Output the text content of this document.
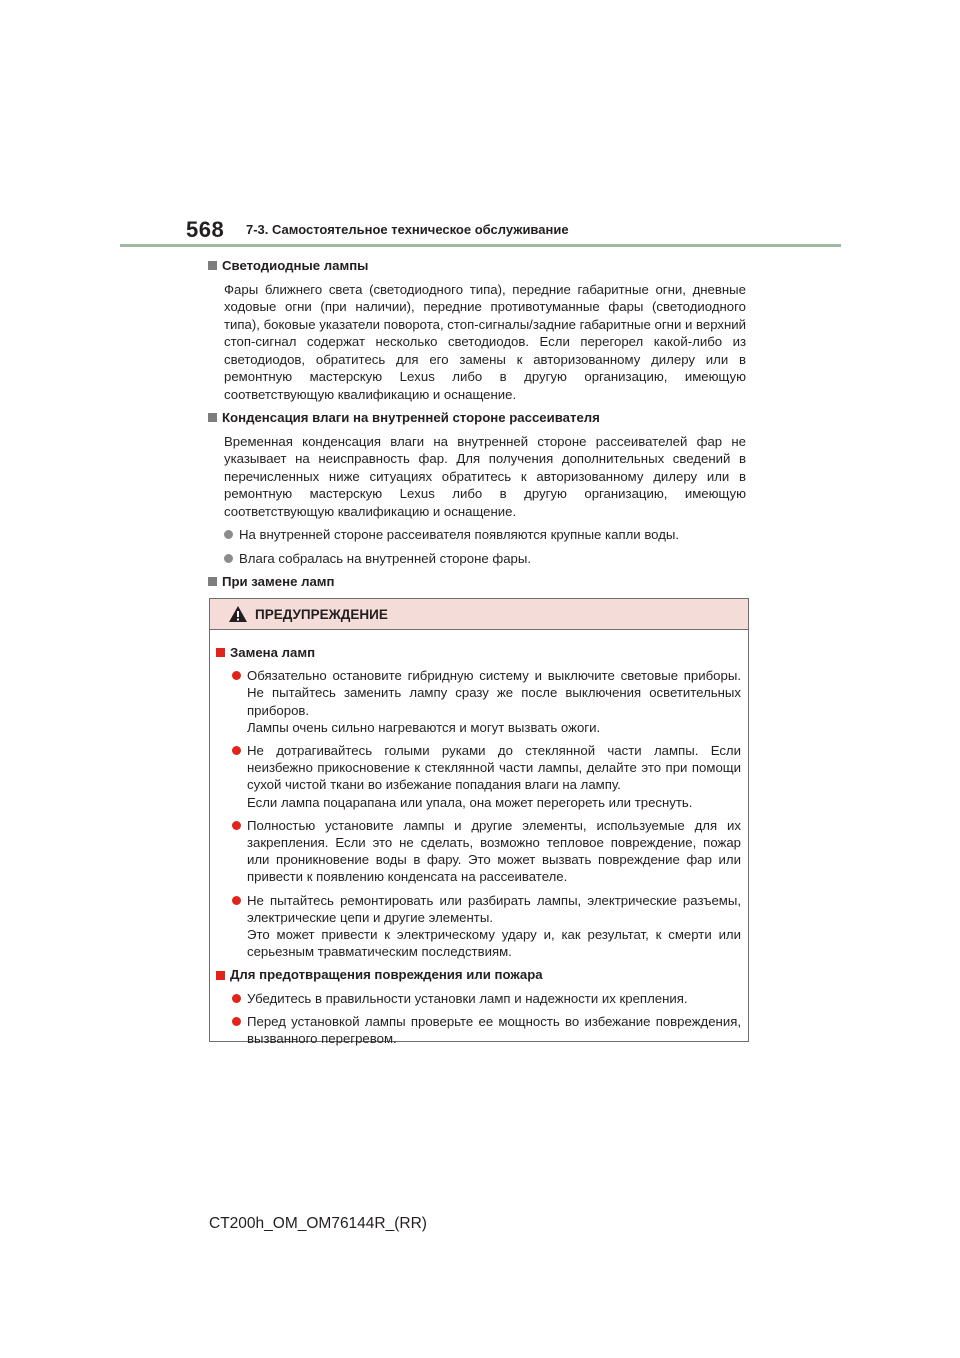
568 7-3. Самостоятельное техническое обслуживание
Светодиодные лампы
Фары ближнего света (светодиодного типа), передние габаритные огни, дневные ходовые огни (при наличии), передние противотуманные фары (светодиодного типа), боковые указатели поворота, стоп-сигналы/задние габаритные огни и верхний стоп-сигнал содержат несколько светодиодов. Если перегорел какой-либо из светодиодов, обратитесь для его замены к авторизованному дилеру или в ремонтную мастерскую Lexus либо в другую организацию, имеющую соответствующую квалификацию и оснащение.
Конденсация влаги на внутренней стороне рассеивателя
Временная конденсация влаги на внутренней стороне рассеивателей фар не указывает на неисправность фар. Для получения дополнительных сведений в перечисленных ниже ситуациях обратитесь к авторизованному дилеру или в ремонтную мастерскую Lexus либо в другую организацию, имеющую соответствующую квалификацию и оснащение.
На внутренней стороне рассеивателя появляются крупные капли воды.
Влага собралась на внутренней стороне фары.
При замене ламп
ПРЕДУПРЕЖДЕНИЕ
Замена ламп
Обязательно остановите гибридную систему и выключите световые приборы. Не пытайтесь заменить лампу сразу же после выключения осветительных приборов.
Лампы очень сильно нагреваются и могут вызвать ожоги.
Не дотрагивайтесь голыми руками до стеклянной части лампы. Если неизбежно прикосновение к стеклянной части лампы, делайте это при помощи сухой чистой ткани во избежание попадания влаги на лампу.
Если лампа поцарапана или упала, она может перегореть или треснуть.
Полностью установите лампы и другие элементы, используемые для их закрепления. Если это не сделать, возможно тепловое повреждение, пожар или проникновение воды в фару. Это может вызвать повреждение фар или привести к появлению конденсата на рассеивателе.
Не пытайтесь ремонтировать или разбирать лампы, электрические разъемы, электрические цепи и другие элементы.
Это может привести к электрическому удару и, как результат, к смерти или серьезным травматическим последствиям.
Для предотвращения повреждения или пожара
Убедитесь в правильности установки ламп и надежности их крепления.
Перед установкой лампы проверьте ее мощность во избежание повреждения, вызванного перегревом.
CT200h_OM_OM76144R_(RR)
